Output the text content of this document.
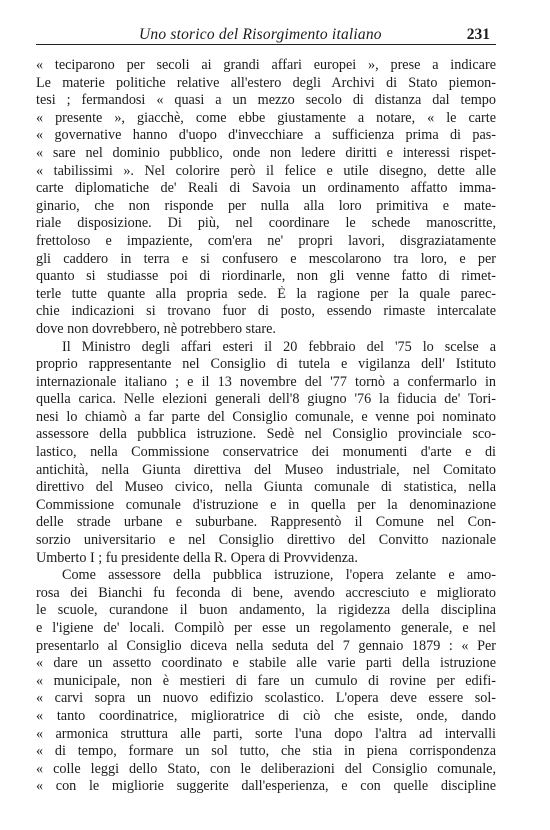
Uno storico del Risorgimento italiano	231
« teciparono per secoli ai grandi affari europei », prese a indicare
Le materie politiche relative all'estero degli Archivi di Stato piemon-
tesi ; fermandosi « quasi a un mezzo secolo di distanza dal tempo
« presente », giacchè, come ebbe giustamente a notare, « le carte
« governative hanno d'uopo d'invecchiare a sufficienza prima di pas-
« sare nel dominio pubblico, onde non ledere diritti e interessi rispet-
« tabilissimi ». Nel colorire però il felice e utile disegno, dette alle
carte diplomatiche de' Reali di Savoia un ordinamento affatto imma-
ginario, che non risponde per nulla alla loro primitiva e mate-
riale disposizione. Di più, nel coordinare le schede manoscritte,
frettoloso e impaziente, com'era ne' propri lavori, disgraziatamente
gli caddero in terra e si confusero e mescolarono tra loro, e per
quanto si studiasse poi di riordinarle, non gli venne fatto di rimet-
terle tutte quante alla propria sede. È la ragione per la quale parec-
chie indicazioni si trovano fuor di posto, essendo rimaste intercalate
dove non dovrebbero, nè potrebbero stare.
Il Ministro degli affari esteri il 20 febbraio del '75 lo scelse a
proprio rappresentante nel Consiglio di tutela e vigilanza dell' Istituto
internazionale italiano ; e il 13 novembre del '77 tornò a confermarlo in
quella carica. Nelle elezioni generali dell'8 giugno '76 la fiducia de' Tori-
nesi lo chiamò a far parte del Consiglio comunale, e venne poi nominato
assessore della pubblica istruzione. Sedè nel Consiglio provinciale sco-
lastico, nella Commissione conservatrice dei monumenti d'arte e di
antichità, nella Giunta direttiva del Museo industriale, nel Comitato
direttivo del Museo civico, nella Giunta comunale di statistica, nella
Commissione comunale d'istruzione e in quella per la denominazione
delle strade urbane e suburbane. Rappresentò il Comune nel Con-
sorzio universitario e nel Consiglio direttivo del Convitto nazionale
Umberto I ; fu presidente della R. Opera di Provvidenza.
Come assessore della pubblica istruzione, l'opera zelante e amo-
rosa dei Bianchi fu feconda di bene, avendo accresciuto e migliorato
le scuole, curandone il buon andamento, la rigidezza della disciplina
e l'igiene de' locali. Compilò per esse un regolamento generale, e nel
presentarlo al Consiglio diceva nella seduta del 7 gennaio 1879 : « Per
« dare un assetto coordinato e stabile alle varie parti della istruzione
« municipale, non è mestieri di fare un cumulo di rovine per edifi-
« carvi sopra un nuovo edifizio scolastico. L'opera deve essere sol-
« tanto coordinatrice, miglioratrice di ciò che esiste, onde, dando
« armonica struttura alle parti, sorte l'una dopo l'altra ad intervalli
« di tempo, formare un sol tutto, che stia in piena corrispondenza
« colle leggi dello Stato, con le deliberazioni del Consiglio comunale,
« con le migliorie suggerite dall'esperienza, e con quelle discipline
